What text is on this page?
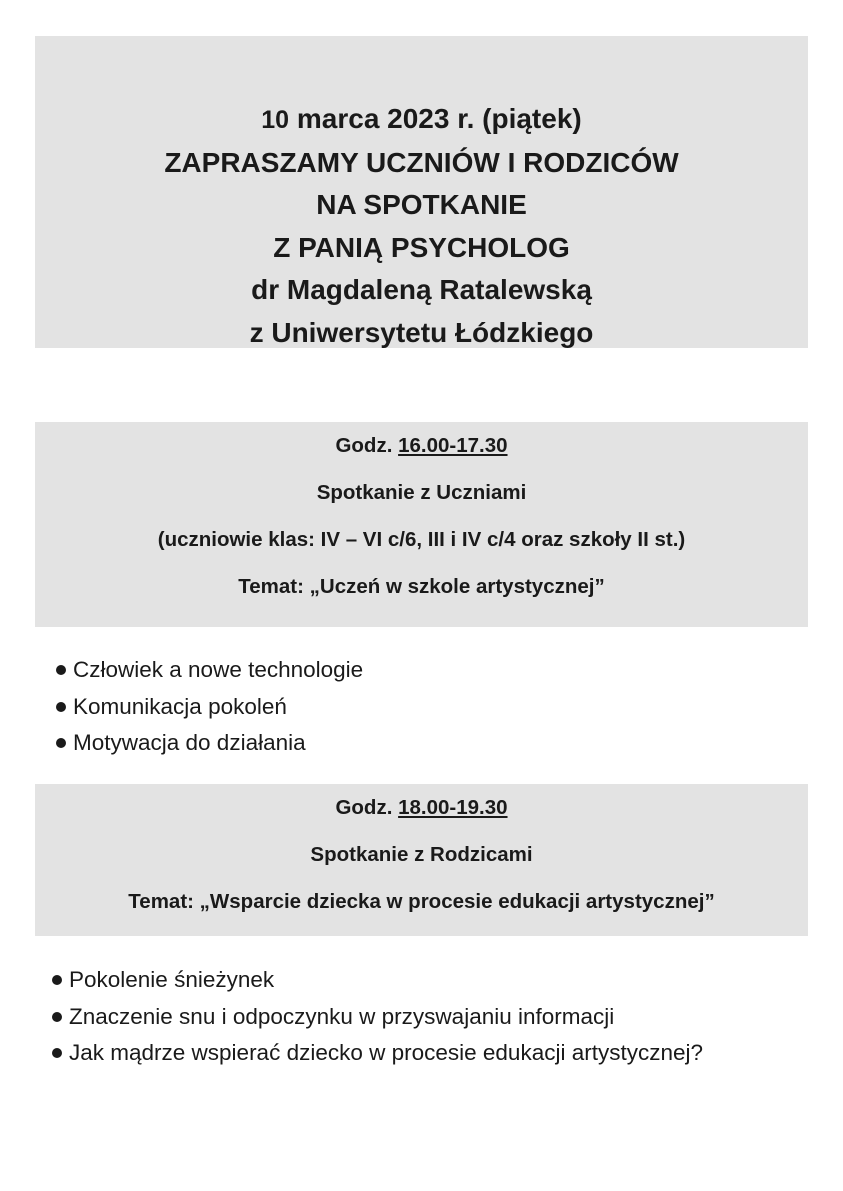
10 marca 2023 r. (piątek)
ZAPRASZAMY UCZNIÓW I RODZICÓW
NA SPOTKANIE
Z PANIĄ PSYCHOLOG
dr Magdaleną Ratalewską
z Uniwersytetu Łódzkiego
Godz. 16.00-17.30
Spotkanie z Uczniami
(uczniowie klas: IV – VI c/6, III i IV c/4 oraz szkoły II st.)
Temat: „Uczeń w szkole artystycznej”
Człowiek a nowe technologie
Komunikacja pokoleń
Motywacja do działania
Godz. 18.00-19.30
Spotkanie z Rodzicami
Temat: „Wsparcie dziecka w procesie edukacji artystycznej”
Pokolenie śnieżynek
Znaczenie snu i odpoczynku w przyswajaniu informacji
Jak mądrze wspierać dziecko w procesie edukacji artystycznej?
